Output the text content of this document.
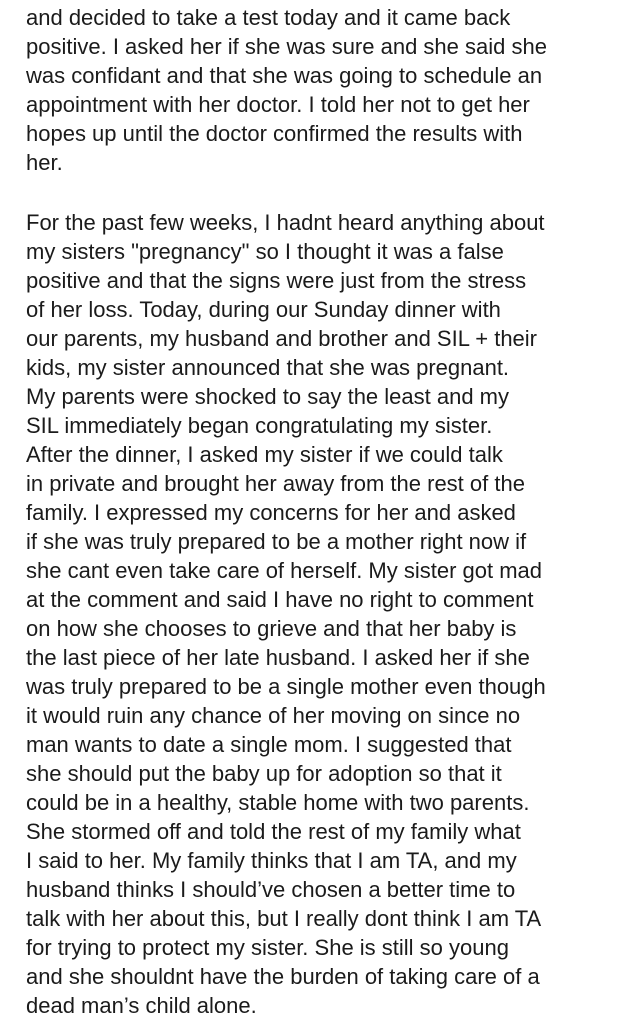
and decided to take a test today and it came back
positive. I asked her if she was sure and she said she
was confidant and that she was going to schedule an
appointment with her doctor. I told her not to get her
hopes up until the doctor confirmed the results with
her.
For the past few weeks, I hadnt heard anything about
my sisters "pregnancy" so I thought it was a false
positive and that the signs were just from the stress
of her loss. Today, during our Sunday dinner with
our parents, my husband and brother and SIL + their
kids, my sister announced that she was pregnant.
My parents were shocked to say the least and my
SIL immediately began congratulating my sister.
After the dinner, I asked my sister if we could talk
in private and brought her away from the rest of the
family. I expressed my concerns for her and asked
if she was truly prepared to be a mother right now if
she cant even take care of herself. My sister got mad
at the comment and said I have no right to comment
on how she chooses to grieve and that her baby is
the last piece of her late husband. I asked her if she
was truly prepared to be a single mother even though
it would ruin any chance of her moving on since no
man wants to date a single mom. I suggested that
she should put the baby up for adoption so that it
could be in a healthy, stable home with two parents.
She stormed off and told the rest of my family what
I said to her. My family thinks that I am TA, and my
husband thinks I should’ve chosen a better time to
talk with her about this, but I really dont think I am TA
for trying to protect my sister. She is still so young
and she shouldnt have the burden of taking care of a
dead man’s child alone.
